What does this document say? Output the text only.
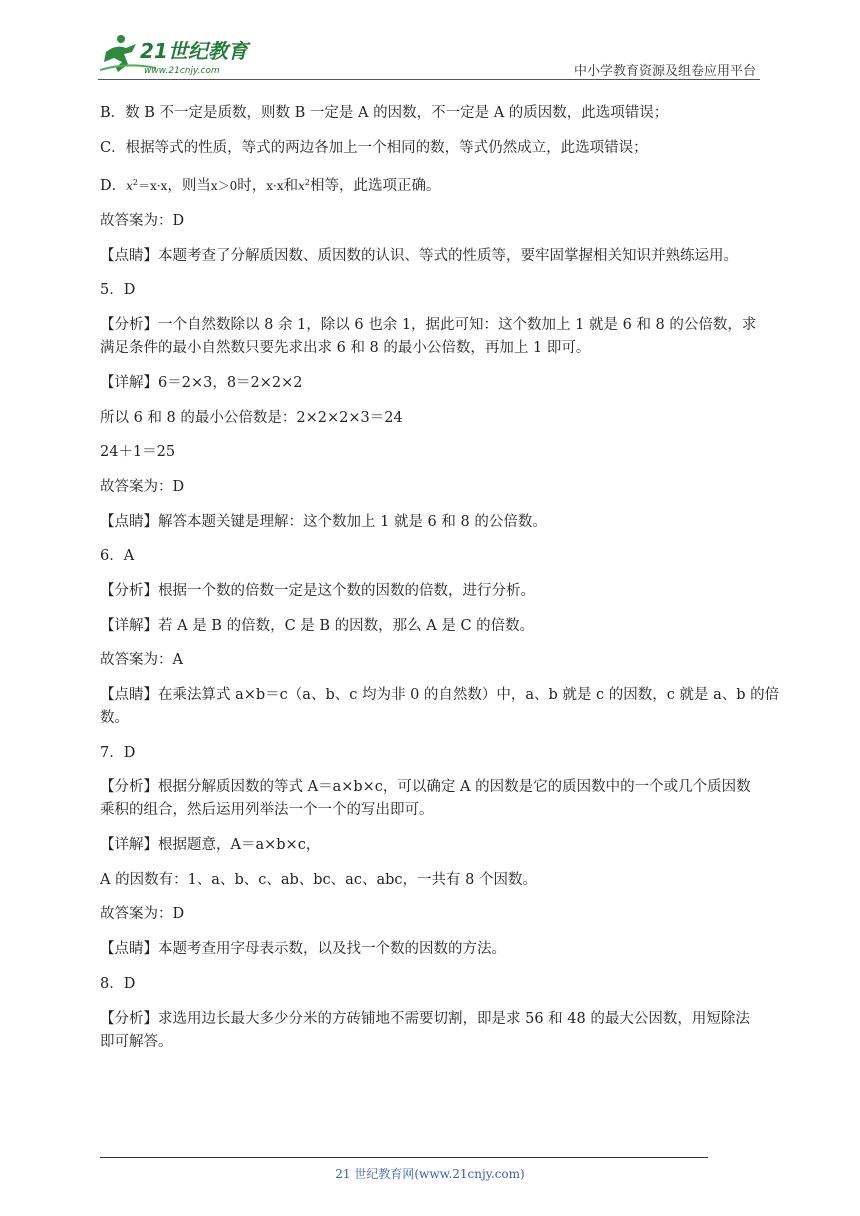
21世纪教育
www.21cnjy.com	中小学教育资源及组卷应用平台

B．数 B 不一定是质数，则数 B 一定是 A 的因数，不一定是 A 的质因数，此选项错误；

C．根据等式的性质，等式的两边各加上一个相同的数，等式仍然成立，此选项错误；

D．$x^2=x\cdot x$，则当x＞0时，x·x和$x^2$相等，此选项正确。

故答案为：D

【点睛】本题考查了分解质因数、质因数的认识、等式的性质等，要牢固掌握相关知识并熟练运用。

5．D

【分析】一个自然数除以 8 余 1，除以 6 也余 1，据此可知：这个数加上 1 就是 6 和 8 的公倍数，求

满足条件的最小自然数只要先求出求 6 和 8 的最小公倍数，再加上 1 即可。

【详解】6＝2×3，8＝2×2×2

所以 6 和 8 的最小公倍数是：2×2×2×3＝24

24＋1＝25

故答案为：D

【点睛】解答本题关键是理解：这个数加上 1 就是 6 和 8 的公倍数。

6．A

【分析】根据一个数的倍数一定是这个数的因数的倍数，进行分析。

【详解】若 A 是 B 的倍数，C 是 B 的因数，那么 A 是 C 的倍数。

故答案为：A

【点睛】在乘法算式 a×b＝c（a、b、c 均为非 0 的自然数）中，a、b 就是 c 的因数，c 就是 a、b 的倍

数。

7．D

【分析】根据分解质因数的等式 A＝a×b×c，可以确定 A 的因数是它的质因数中的一个或几个质因数

乘积的组合，然后运用列举法一个一个的写出即可。

【详解】根据题意，A＝a×b×c，

A 的因数有：1、a、b、c、ab、bc、ac、abc，一共有 8 个因数。

故答案为：D

【点睛】本题考查用字母表示数，以及找一个数的因数的方法。

8．D

【分析】求选用边长最大多少分米的方砖铺地不需要切割，即是求 56 和 48 的最大公因数，用短除法

即可解答。

21 世纪教育网(www.21cnjy.com)
